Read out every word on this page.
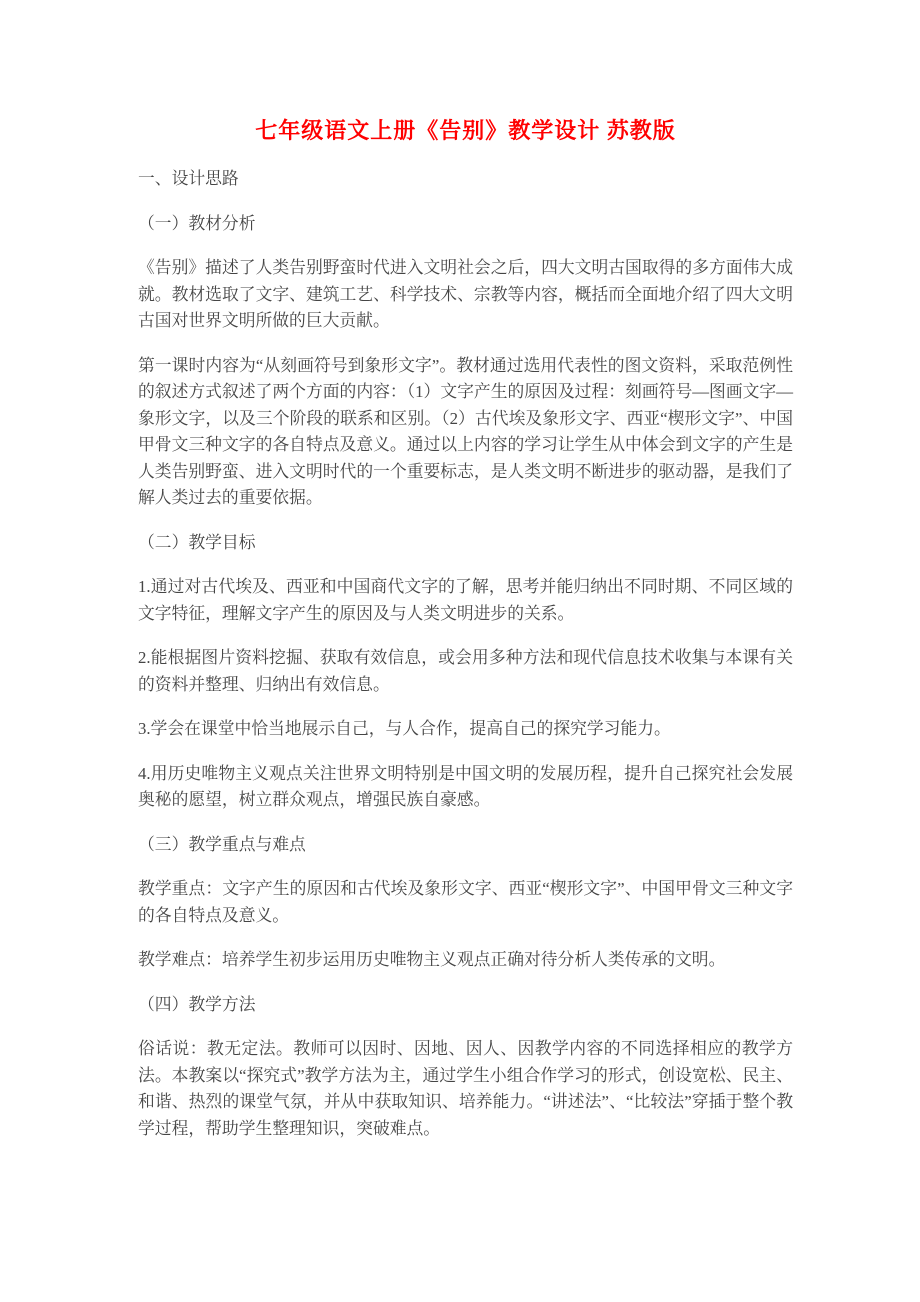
七年级语文上册《告别》教学设计 苏教版
一、设计思路
（一）教材分析
《告别》描述了人类告别野蛮时代进入文明社会之后，四大文明古国取得的多方面伟大成就。教材选取了文字、建筑工艺、科学技术、宗教等内容，概括而全面地介绍了四大文明古国对世界文明所做的巨大贡献。
第一课时内容为“从刻画符号到象形文字”。教材通过选用代表性的图文资料，采取范例性的叙述方式叙述了两个方面的内容：（1）文字产生的原因及过程：刻画符号—图画文字—象形文字，以及三个阶段的联系和区别。（2）古代埃及象形文字、西亚“楔形文字”、中国甲骨文三种文字的各自特点及意义。通过以上内容的学习让学生从中体会到文字的产生是人类告别野蛮、进入文明时代的一个重要标志，是人类文明不断进步的驱动器，是我们了解人类过去的重要依据。
（二）教学目标
1.通过对古代埃及、西亚和中国商代文字的了解，思考并能归纳出不同时期、不同区域的文字特征，理解文字产生的原因及与人类文明进步的关系。
2.能根据图片资料挖掘、获取有效信息，或会用多种方法和现代信息技术收集与本课有关的资料并整理、归纳出有效信息。
3.学会在课堂中恰当地展示自己，与人合作，提高自己的探究学习能力。
4.用历史唯物主义观点关注世界文明特别是中国文明的发展历程，提升自己探究社会发展奥秘的愿望，树立群众观点，增强民族自豪感。
（三）教学重点与难点
教学重点：文字产生的原因和古代埃及象形文字、西亚“楔形文字”、中国甲骨文三种文字的各自特点及意义。
教学难点：培养学生初步运用历史唯物主义观点正确对待分析人类传承的文明。
（四）教学方法
俗话说：教无定法。教师可以因时、因地、因人、因教学内容的不同选择相应的教学方法。本教案以“探究式”教学方法为主，通过学生小组合作学习的形式，创设宽松、民主、和谐、热烈的课堂气氛，并从中获取知识、培养能力。“讲述法”、“比较法”穿插于整个教学过程，帮助学生整理知识，突破难点。
